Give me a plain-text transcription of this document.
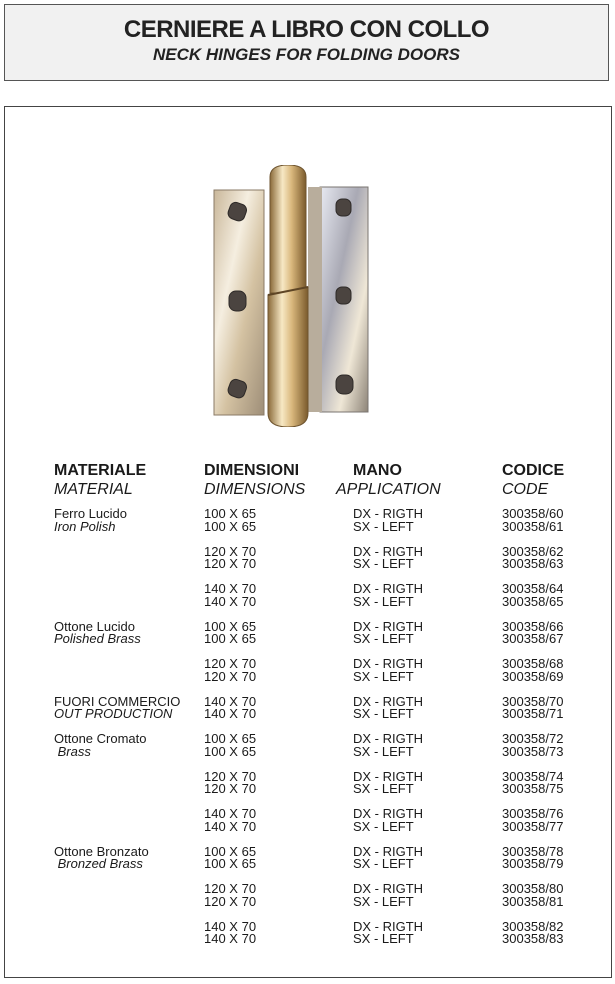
CERNIERE A LIBRO CON COLLO
NECK HINGES FOR FOLDING DOORS
MATERIALE
MATERIAL
DIMENSIONI
DIMENSIONS
MANO
APPLICATION
CODICE
CODE
Ferro Lucido
Iron Polish
100 X 65
100 X 65
DX - RIGTH
SX - LEFT
300358/60
300358/61
120 X 70
120 X 70
DX - RIGTH
SX - LEFT
300358/62
300358/63
140 X 70
140 X 70
DX - RIGTH
SX - LEFT
300358/64
300358/65
Ottone Lucido
Polished Brass
100 X 65
100 X 65
DX - RIGTH
SX - LEFT
300358/66
300358/67
120 X 70
120 X 70
DX - RIGTH
SX - LEFT
300358/68
300358/69
FUORI COMMERCIO
OUT PRODUCTION
140 X 70
140 X 70
DX - RIGTH
SX - LEFT
300358/70
300358/71
Ottone Cromato
Brass
100 X 65
100 X 65
DX - RIGTH
SX - LEFT
300358/72
300358/73
120 X 70
120 X 70
DX - RIGTH
SX - LEFT
300358/74
300358/75
140 X 70
140 X 70
DX - RIGTH
SX - LEFT
300358/76
300358/77
Ottone Bronzato
Bronzed Brass
100 X 65
100 X 65
DX - RIGTH
SX - LEFT
300358/78
300358/79
120 X 70
120 X 70
DX - RIGTH
SX - LEFT
300358/80
300358/81
140 X 70
140 X 70
DX - RIGTH
SX - LEFT
300358/82
300358/83
